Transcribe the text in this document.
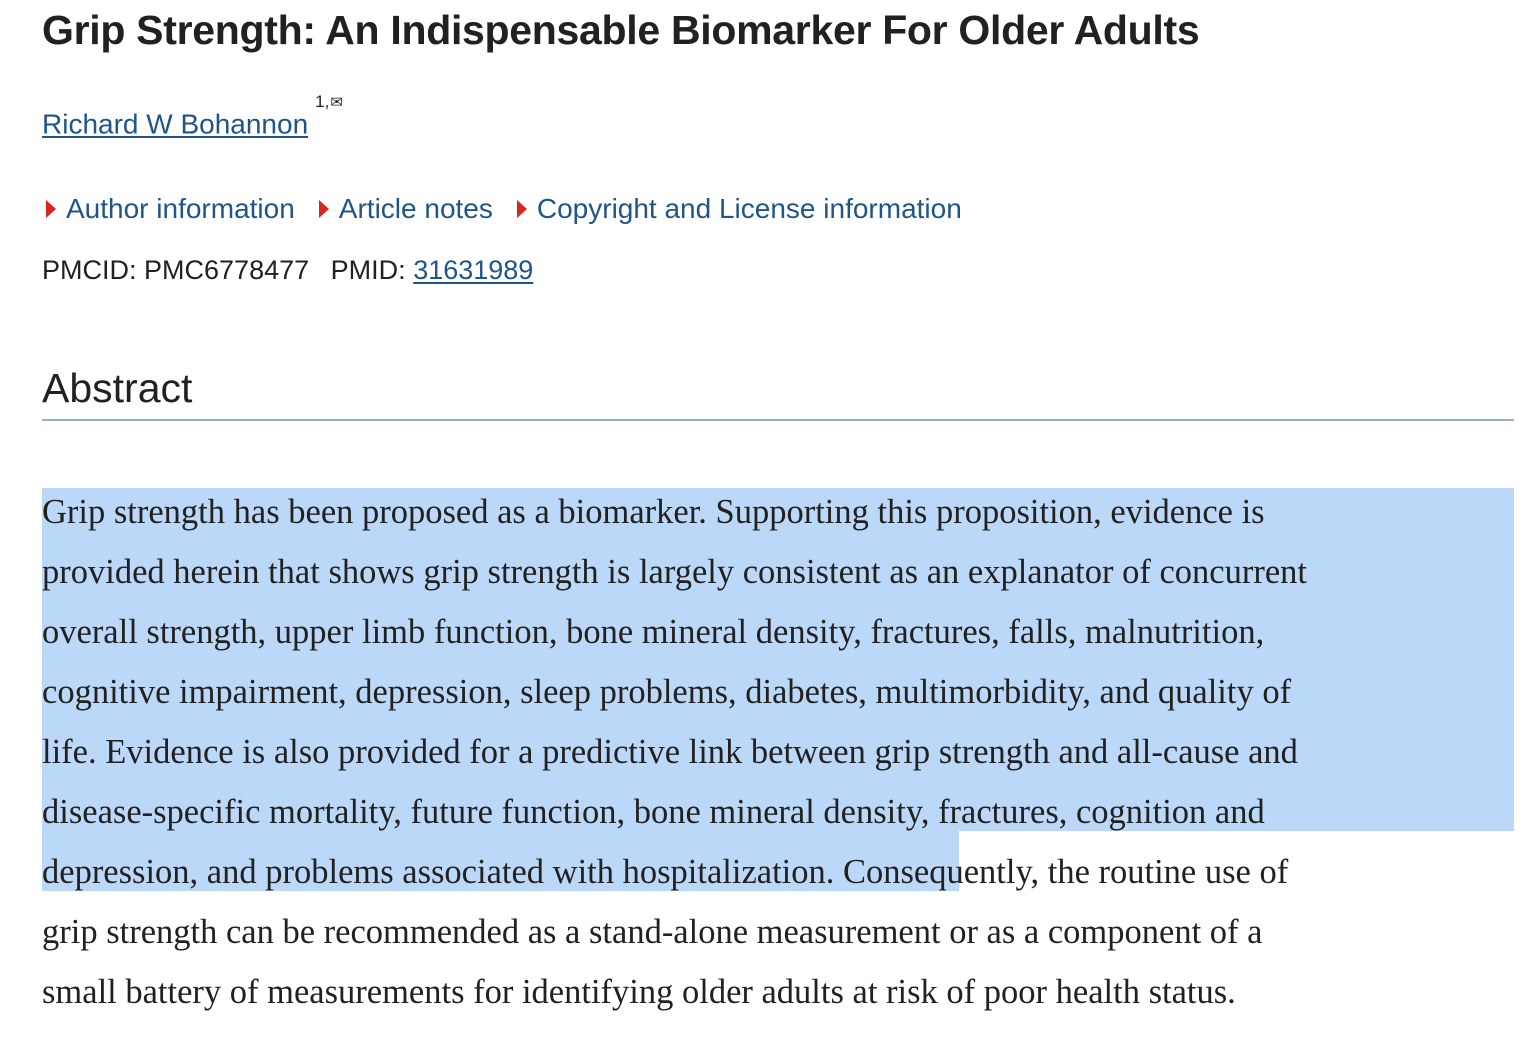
Grip Strength: An Indispensable Biomarker For Older Adults
Richard W Bohannon$^{1,✉}$
Author information Article notes Copyright and License information
PMCID: PMC6778477 PMID: 31631989
Abstract
Grip strength has been proposed as a biomarker. Supporting this proposition, evidence is
provided herein that shows grip strength is largely consistent as an explanator of concurrent
overall strength, upper limb function, bone mineral density, fractures, falls, malnutrition,
cognitive impairment, depression, sleep problems, diabetes, multimorbidity, and quality of
life. Evidence is also provided for a predictive link between grip strength and all-cause and
disease-specific mortality, future function, bone mineral density, fractures, cognition and
depression, and problems associated with hospitalization. Consequently, the routine use of
grip strength can be recommended as a stand-alone measurement or as a component of a
small battery of measurements for identifying older adults at risk of poor health status.
